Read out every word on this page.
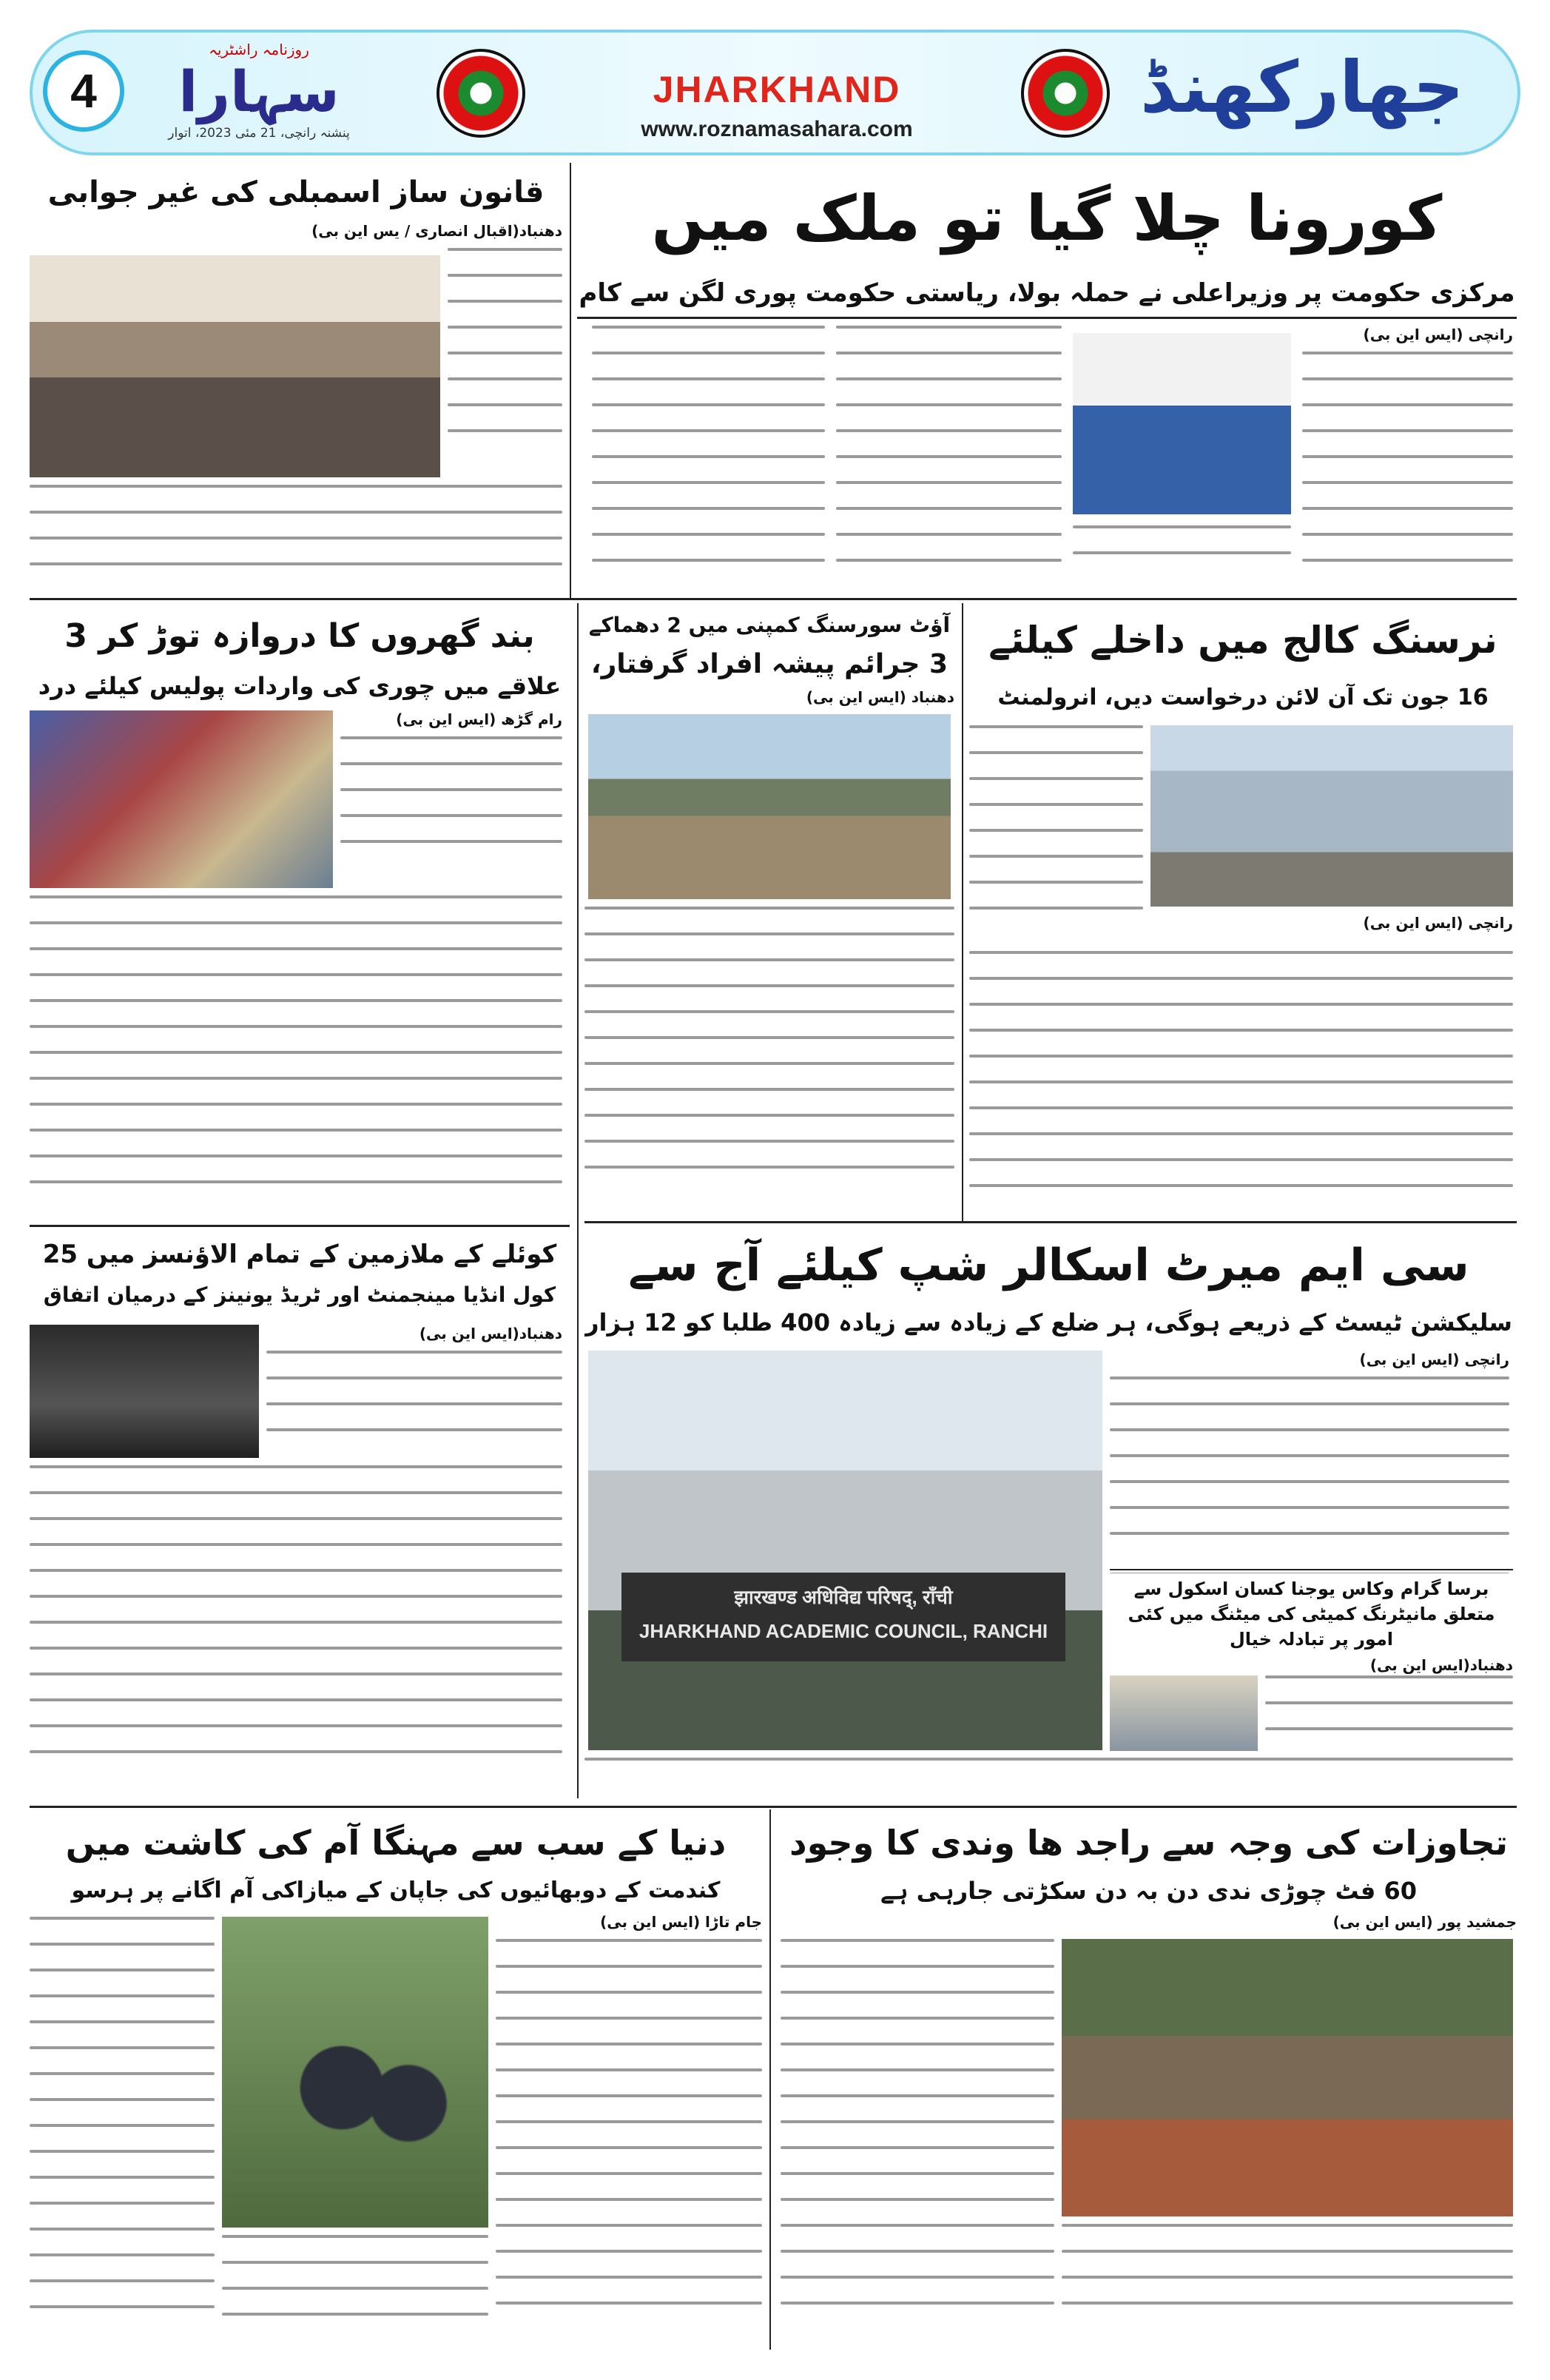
4
روزنامہ راشٹریہ
سہارا
پنشنہ رانچی، 21 مئی 2023، اتوار
JHARKHAND
www.roznamasahara.com
جھارکھنڈ
کورونا چلا گیا تو ملک میں
مرکزی حکومت پر وزیراعلی نے حملہ بولا، ریاستی حکومت پوری لگن سے کام
رانچی (ایس این بی)
قانون ساز اسمبلی کی غیر جوابی
دھنباد(اقبال انصاری / یس این بی)
بند گھروں کا دروازہ توڑ کر 3
علاقے میں چوری کی واردات پولیس کیلئے درد
رام گڑھ (ایس این بی)
آؤٹ سورسنگ کمپنی میں 2 دھماکے
3 جرائم پیشہ افراد گرفتار،
دھنباد (ایس این بی)
نرسنگ کالج میں داخلے کیلئے
16 جون تک آن لائن درخواست دیں، انرولمنٹ
رانچی (ایس این بی)
سی ایم میرٹ اسکالر شپ کیلئے آج سے
سلیکشن ٹیسٹ کے ذریعے ہوگی، ہر ضلع کے زیادہ سے زیادہ 400 طلبا کو 12 ہزار
رانچی (ایس این بی)
झारखण्ड अधिविद्य परिषद्, राँची
JHARKHAND ACADEMIC COUNCIL, RANCHI
کوئلے کے ملازمین کے تمام الاؤنسز میں 25
کول انڈیا مینجمنٹ اور ٹریڈ یونینز کے درمیان اتفاق
دھنباد(ایس این بی)
تجاوزات کی وجہ سے راجد ھا وندی کا وجود
60 فٹ چوڑی ندی دن بہ دن سکڑتی جارہی ہے
جمشید پور (ایس این بی)
دنیا کے سب سے مہنگا آم کی کاشت میں
کندمت کے دوبھائیوں کی جاپان کے میازاکی آم اگانے پر ہرسو
جام تاڑا (ایس این بی)
برسا گرام وکاس یوجنا کسان اسکول سے متعلق مانیٹرنگ کمیٹی کی میٹنگ میں کئی امور پر تبادلہ خیال
دھنباد(ایس این بی)
